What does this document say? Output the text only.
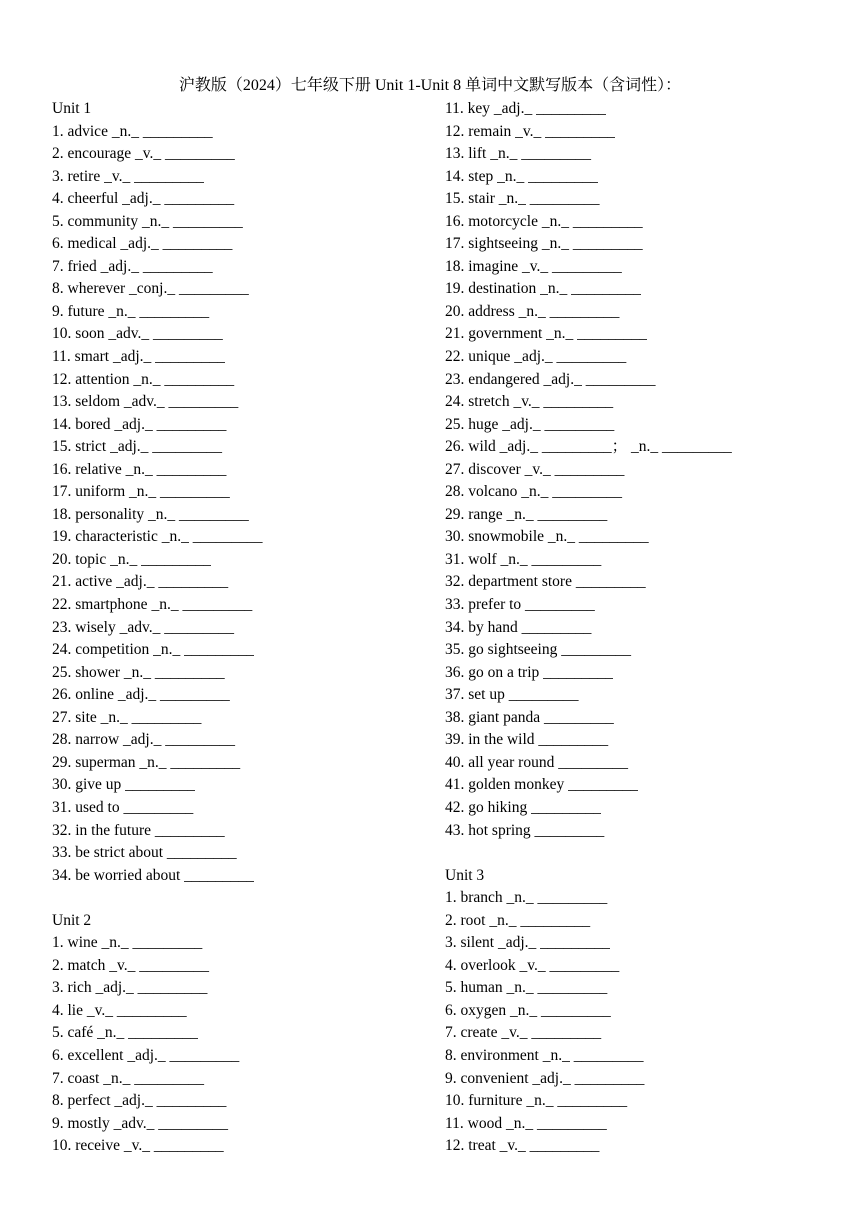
沪教版（2024）七年级下册 Unit 1-Unit 8 单词中文默写版本（含词性）：
Unit 1
1. advice _n._ _________
2. encourage _v._ _________
3. retire _v._ _________
4. cheerful _adj._ _________
5. community _n._ _________
6. medical _adj._ _________
7. fried _adj._ _________
8. wherever _conj._ _________
9. future _n._ _________
10. soon _adv._ _________
11. smart _adj._ _________
12. attention _n._ _________
13. seldom _adv._ _________
14. bored _adj._ _________
15. strict _adj._ _________
16. relative _n._ _________
17. uniform _n._ _________
18. personality _n._ _________
19. characteristic _n._ _________
20. topic _n._ _________
21. active _adj._ _________
22. smartphone _n._ _________
23. wisely _adv._ _________
24. competition _n._ _________
25. shower _n._ _________
26. online _adj._ _________
27. site _n._ _________
28. narrow _adj._ _________
29. superman _n._ _________
30. give up _________
31. used to _________
32. in the future _________
33. be strict about _________
34. be worried about _________
Unit 2
1. wine _n._ _________
2. match _v._ _________
3. rich _adj._ _________
4. lie _v._ _________
5. café _n._ _________
6. excellent _adj._ _________
7. coast _n._ _________
8. perfect _adj._ _________
9. mostly _adv._ _________
10. receive _v._ _________
11. key _adj._ _________
12. remain _v._ _________
13. lift _n._ _________
14. step _n._ _________
15. stair _n._ _________
16. motorcycle _n._ _________
17. sightseeing _n._ _________
18. imagine _v._ _________
19. destination _n._ _________
20. address _n._ _________
21. government _n._ _________
22. unique _adj._ _________
23. endangered _adj._ _________
24. stretch _v._ _________
25. huge _adj._ _________
26. wild _adj._ _________； _n._ _________
27. discover _v._ _________
28. volcano _n._ _________
29. range _n._ _________
30. snowmobile _n._ _________
31. wolf _n._ _________
32. department store _________
33. prefer to _________
34. by hand _________
35. go sightseeing _________
36. go on a trip _________
37. set up _________
38. giant panda _________
39. in the wild _________
40. all year round _________
41. golden monkey _________
42. go hiking _________
43. hot spring _________
Unit 3
1. branch _n._ _________
2. root _n._ _________
3. silent _adj._ _________
4. overlook _v._ _________
5. human _n._ _________
6. oxygen _n._ _________
7. create _v._ _________
8. environment _n._ _________
9. convenient _adj._ _________
10. furniture _n._ _________
11. wood _n._ _________
12. treat _v._ _________
